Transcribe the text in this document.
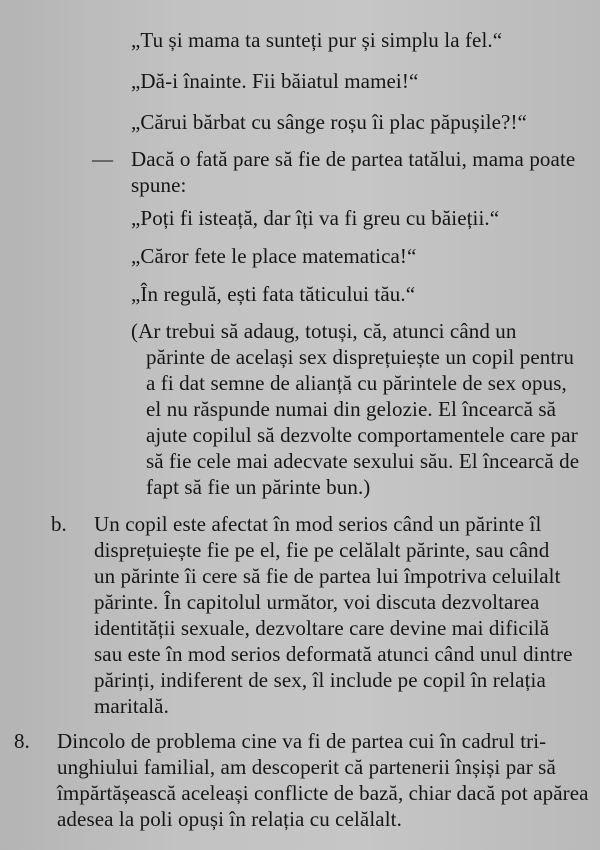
„Tu și mama ta sunteți pur și simplu la fel.“
„Dă-i înainte. Fii băiatul mamei!“
„Cărui bărbat cu sânge roșu îi plac păpușile?!“
— Dacă o fată pare să fie de partea tatălui, mama poate
spune:
„Poți fi isteață, dar îți va fi greu cu băieții.“
„Căror fete le place matematica!“
„În regulă, ești fata tăticului tău.“
(Ar trebui să adaug, totuși, că, atunci când un
părinte de același sex disprețuiește un copil pentru
a fi dat semne de alianță cu părintele de sex opus,
el nu răspunde numai din gelozie. El încearcă să
ajute copilul să dezvolte comportamentele care par
să fie cele mai adecvate sexului său. El încearcă de
fapt să fie un părinte bun.)
b. Un copil este afectat în mod serios când un părinte îl
disprețuiește fie pe el, fie pe celălalt părinte, sau când
un părinte îi cere să fie de partea lui împotriva celuilalt
părinte. În capitolul următor, voi discuta dezvoltarea
identității sexuale, dezvoltare care devine mai dificilă
sau este în mod serios deformată atunci când unul dintre
părinți, indiferent de sex, îl include pe copil în relația
maritală.
8. Dincolo de problema cine va fi de partea cui în cadrul tri-
unghiului familial, am descoperit că partenerii înșiși par să
împărtășească aceleași conflicte de bază, chiar dacă pot apărea
adesea la poli opuși în relația cu celălalt.
